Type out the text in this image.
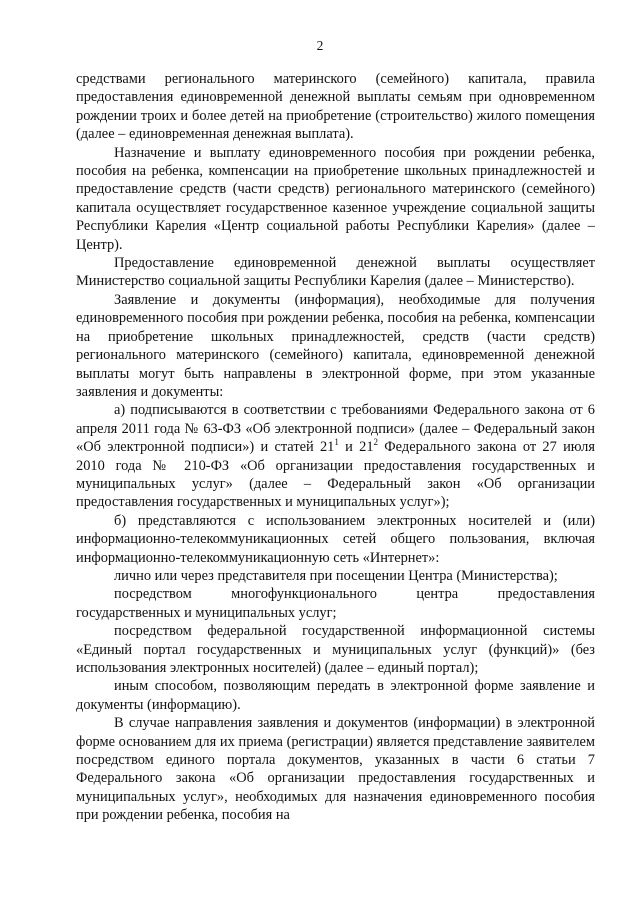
2

средствами регионального материнского (семейного) капитала, правила предоставления единовременной денежной выплаты семьям при одновременном рождении троих и более детей на приобретение (строительство) жилого помещения (далее – единовременная денежная выплата).

Назначение и выплату единовременного пособия при рождении ребенка, пособия на ребенка, компенсации на приобретение школьных принадлежностей и предоставление средств (части средств) регионального материнского (семейного) капитала осуществляет государственное казенное учреждение социальной защиты Республики Карелия «Центр социальной работы Республики Карелия» (далее – Центр).

Предоставление единовременной денежной выплаты осуществляет Министерство социальной защиты Республики Карелия (далее – Министерство).

Заявление и документы (информация), необходимые для получения единовременного пособия при рождении ребенка, пособия на ребенка, компенсации на приобретение школьных принадлежностей, средств (части средств) регионального материнского (семейного) капитала, единовременной денежной выплаты могут быть направлены в электронной форме, при этом указанные заявления и документы:

а) подписываются в соответствии с требованиями Федерального закона от 6 апреля 2011 года № 63-ФЗ «Об электронной подписи» (далее – Федеральный закон «Об электронной подписи») и статей $21^1$ и $21^2$ Федерального закона от 27 июля 2010 года № 210-ФЗ «Об организации предоставления государственных и муниципальных услуг» (далее – Федеральный закон «Об организации предоставления государственных и муниципальных услуг»);

б) представляются с использованием электронных носителей и (или) информационно-телекоммуникационных сетей общего пользования, включая информационно-телекоммуникационную сеть «Интернет»:

лично или через представителя при посещении Центра (Министерства);

посредством многофункционального центра предоставления государственных и муниципальных услуг;

посредством федеральной государственной информационной системы «Единый портал государственных и муниципальных услуг (функций)» (без использования электронных носителей) (далее – единый портал);

иным способом, позволяющим передать в электронной форме заявление и документы (информацию).

В случае направления заявления и документов (информации) в электронной форме основанием для их приема (регистрации) является представление заявителем посредством единого портала документов, указанных в части 6 статьи 7 Федерального закона «Об организации предоставления государственных и муниципальных услуг», необходимых для назначения единовременного пособия при рождении ребенка, пособия на
